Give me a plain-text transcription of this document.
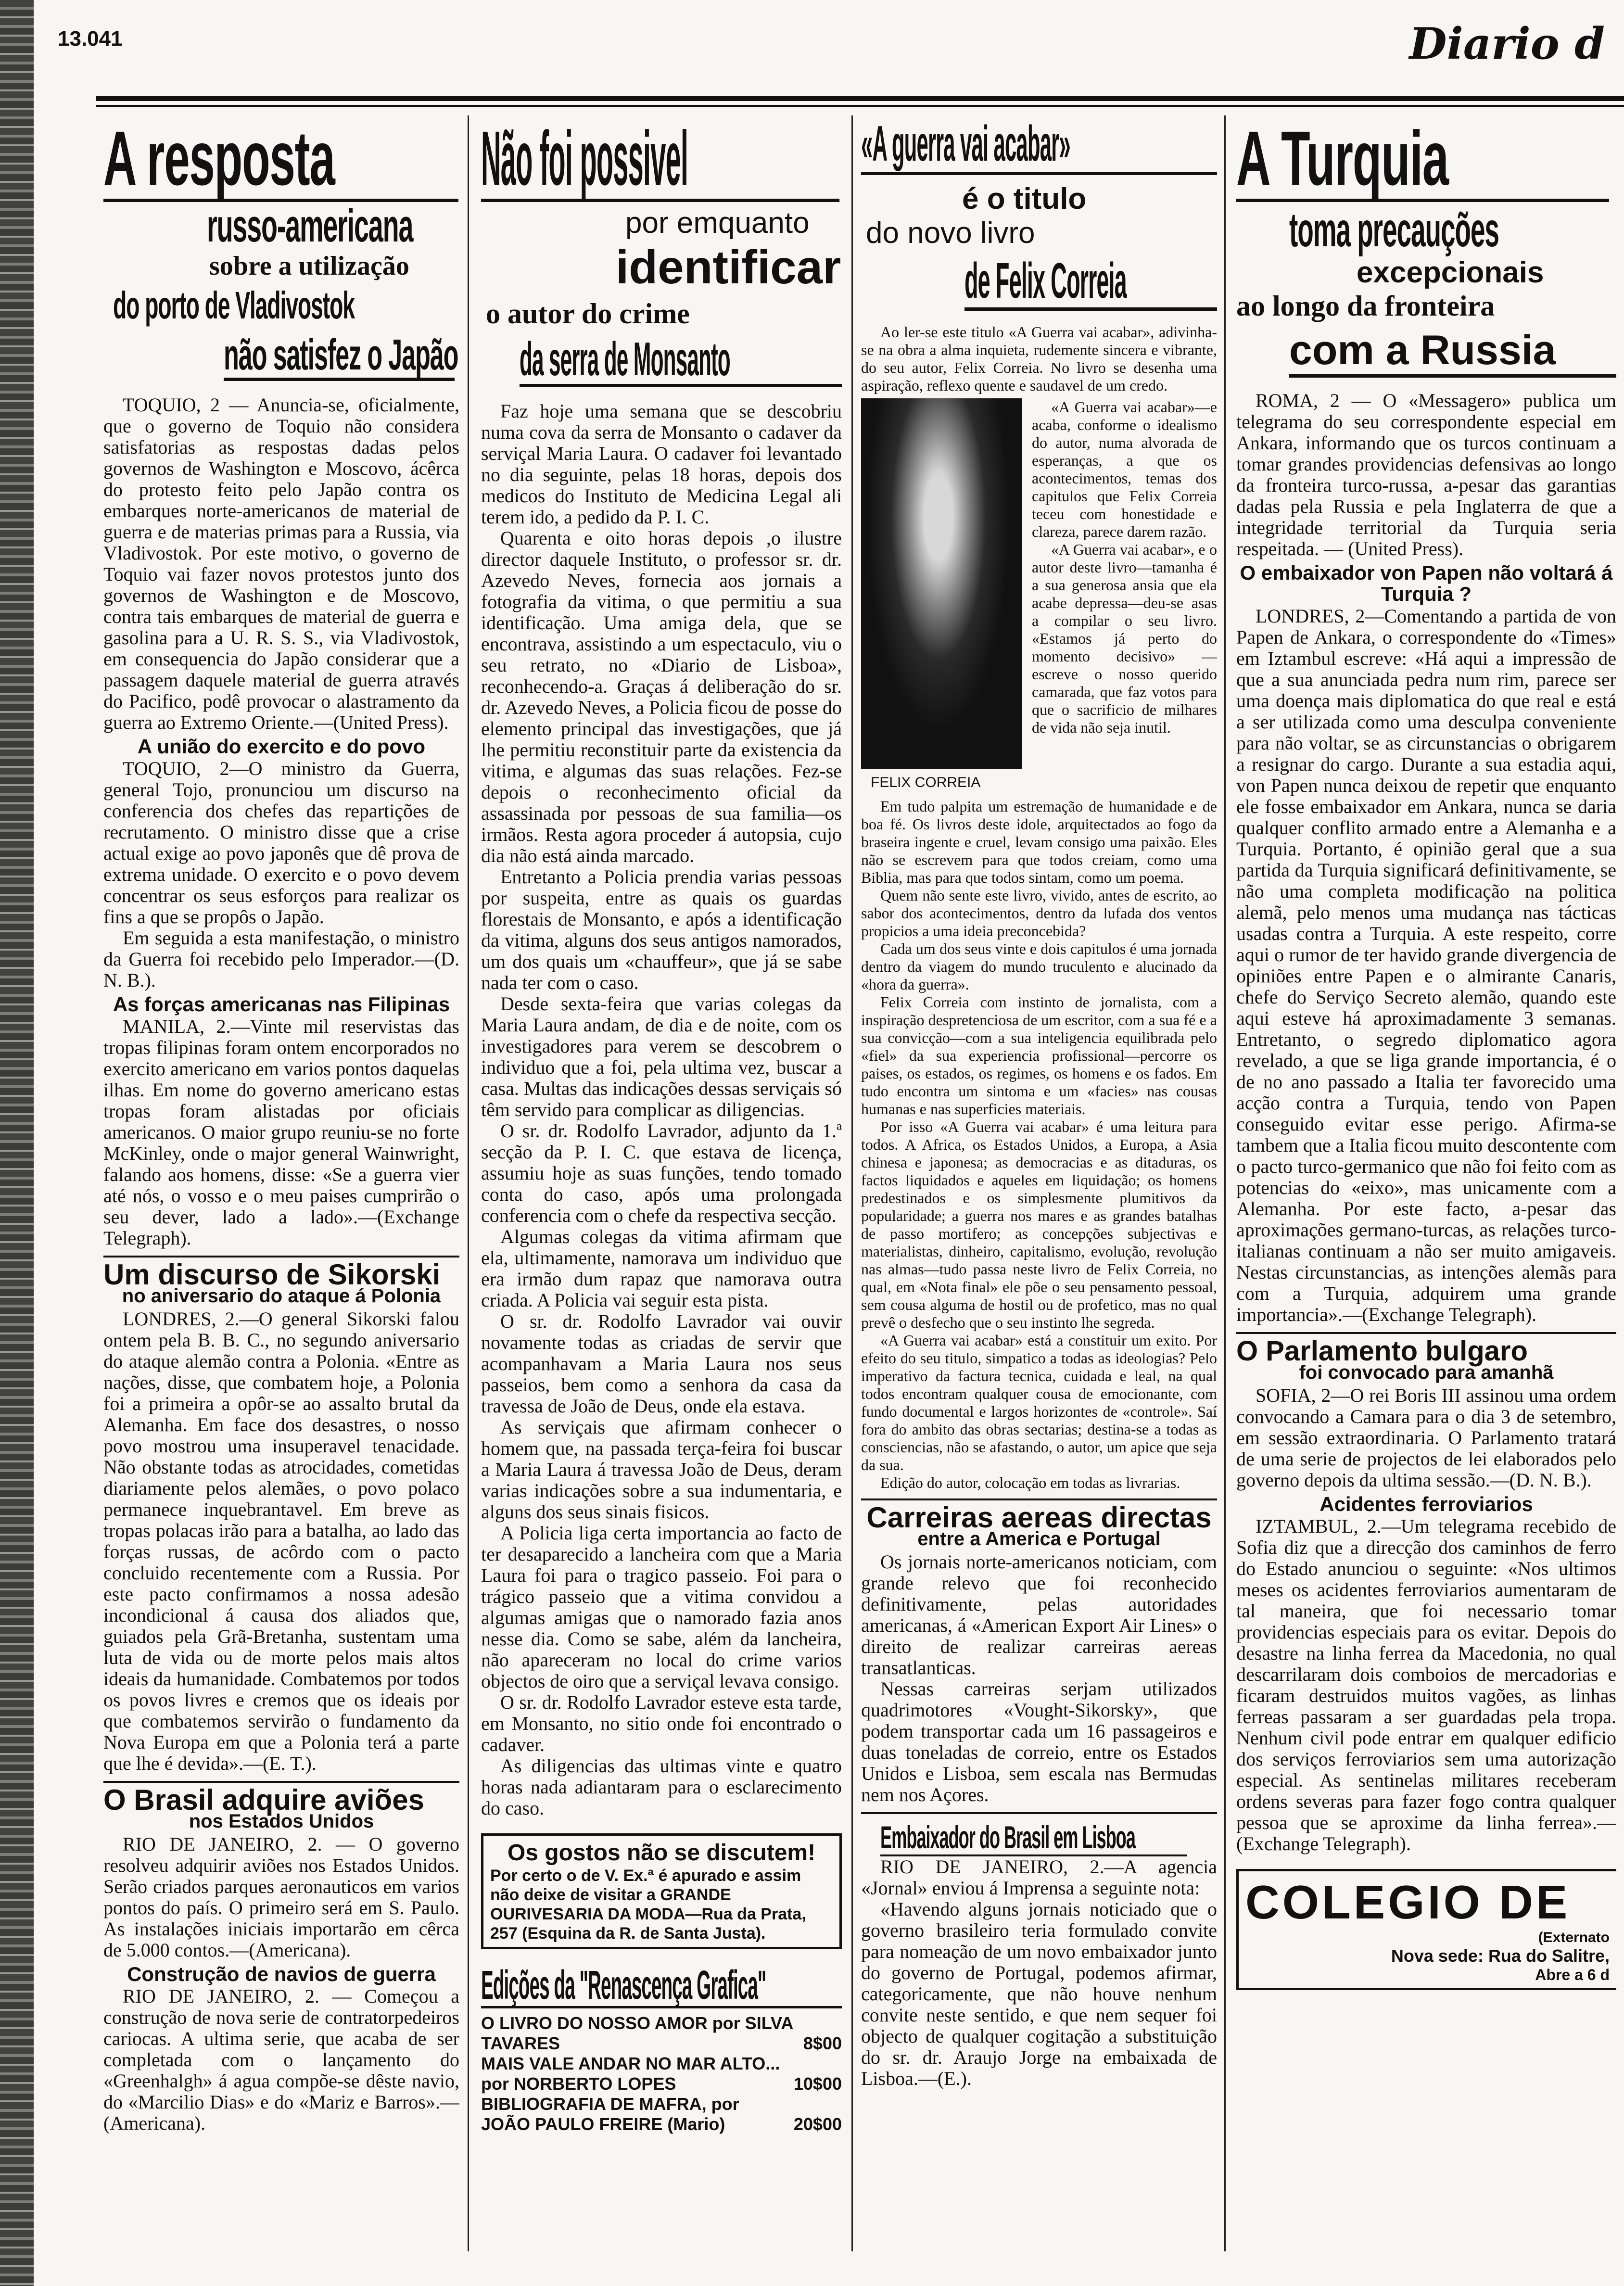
13.041	Diario d
A resposta
russo-americana
sobre a utilização
do porto de Vladivostok
não satisfez o Japão

TOQUIO, 2 — Anuncia-se, oficialmente, que o governo de Toquio não considera satisfatorias as respostas dadas pelos governos de Washington e Moscovo, ácêrca do protesto feito pelo Japão contra os embarques norte-americanos de material de guerra e de materias primas para a Russia, via Vladivostok. Por este motivo, o governo de Toquio vai fazer novos protestos junto dos governos de Washington e de Moscovo, contra tais embarques de material de guerra e gasolina para a U. R. S. S., via Vladivostok, em consequencia do Japão considerar que a passagem daquele material de guerra através do Pacifico, podê provocar o alastramento da guerra ao Extremo Oriente.—(United Press).

A união do exercito e do povo

TOQUIO, 2—O ministro da Guerra, general Tojo, pronunciou um discurso na conferencia dos chefes das repartições de recrutamento. O ministro disse que a crise actual exige ao povo japonês que dê prova de extrema unidade. O exercito e o povo devem concentrar os seus esforços para realizar os fins a que se propôs o Japão.

Em seguida a esta manifestação, o ministro da Guerra foi recebido pelo Imperador.—(D. N. B.).

As forças americanas nas Filipinas

MANILA, 2.—Vinte mil reservistas das tropas filipinas foram ontem encorporados no exercito americano em varios pontos daquelas ilhas. Em nome do governo americano estas tropas foram alistadas por oficiais americanos. O maior grupo reuniu-se no forte McKinley, onde o major general Wainwright, falando aos homens, disse: «Se a guerra vier até nós, o vosso e o meu paises cumprirão o seu dever, lado a lado».—(Exchange Telegraph).

Um discurso de Sikorski
no aniversario do ataque á Polonia

LONDRES, 2.—O general Sikorski falou ontem pela B. B. C., no segundo aniversario do ataque alemão contra a Polonia. «Entre as nações, disse, que combatem hoje, a Polonia foi a primeira a opôr-se ao assalto brutal da Alemanha. Em face dos desastres, o nosso povo mostrou uma insuperavel tenacidade. Não obstante todas as atrocidades, cometidas diariamente pelos alemães, o povo polaco permanece inquebrantavel. Em breve as tropas polacas irão para a batalha, ao lado das forças russas, de acôrdo com o pacto concluido recentemente com a Russia. Por este pacto confirmamos a nossa adesão incondicional á causa dos aliados que, guiados pela Grã-Bretanha, sustentam uma luta de vida ou de morte pelos mais altos ideais da humanidade. Combatemos por todos os povos livres e cremos que os ideais por que combatemos servirão o fundamento da Nova Europa em que a Polonia terá a parte que lhe é devida».—(E. T.).

O Brasil adquire aviões
nos Estados Unidos

RIO DE JANEIRO, 2. — O governo resolveu adquirir aviões nos Estados Unidos. Serão criados parques aeronauticos em varios pontos do país. O primeiro será em S. Paulo. As instalações iniciais importarão em cêrca de 5.000 contos.—(Americana).

Construção de navios de guerra

RIO DE JANEIRO, 2. — Começou a construção de nova serie de contratorpedeiros cariocas. A ultima serie, que acaba de ser completada com o lançamento do «Greenhalgh» á agua compõe-se dêste navio, do «Marcilio Dias» e do «Mariz e Barros».—(Americana).

Não foi possivel
por emquanto
identificar
o autor do crime
da serra de Monsanto

Faz hoje uma semana que se descobriu numa cova da serra de Monsanto o cadaver da serviçal Maria Laura. O cadaver foi levantado no dia seguinte, pelas 18 horas, depois dos medicos do Instituto de Medicina Legal ali terem ido, a pedido da P. I. C.

Quarenta e oito horas depois ,o ilustre director daquele Instituto, o professor sr. dr. Azevedo Neves, fornecia aos jornais a fotografia da vitima, o que permitiu a sua identificação. Uma amiga dela, que se encontrava, assistindo a um espectaculo, viu o seu retrato, no «Diario de Lisboa», reconhecendo-a. Graças á deliberação do sr. dr. Azevedo Neves, a Policia ficou de posse do elemento principal das investigações, que já lhe permitiu reconstituir parte da existencia da vitima, e algumas das suas relações. Fez-se depois o reconhecimento oficial da assassinada por pessoas de sua familia—os irmãos. Resta agora proceder á autopsia, cujo dia não está ainda marcado.

Entretanto a Policia prendia varias pessoas por suspeita, entre as quais os guardas florestais de Monsanto, e após a identificação da vitima, alguns dos seus antigos namorados, um dos quais um «chauffeur», que já se sabe nada ter com o caso.

Desde sexta-feira que varias colegas da Maria Laura andam, de dia e de noite, com os investigadores para verem se descobrem o individuo que a foi, pela ultima vez, buscar a casa. Multas das indicações dessas serviçais só têm servido para complicar as diligencias.

O sr. dr. Rodolfo Lavrador, adjunto da 1.ª secção da P. I. C. que estava de licença, assumiu hoje as suas funções, tendo tomado conta do caso, após uma prolongada conferencia com o chefe da respectiva secção.

Algumas colegas da vitima afirmam que ela, ultimamente, namorava um individuo que era irmão dum rapaz que namorava outra criada. A Policia vai seguir esta pista.

O sr. dr. Rodolfo Lavrador vai ouvir novamente todas as criadas de servir que acompanhavam a Maria Laura nos seus passeios, bem como a senhora da casa da travessa de João de Deus, onde ela estava.

As serviçais que afirmam conhecer o homem que, na passada terça-feira foi buscar a Maria Laura á travessa João de Deus, deram varias indicações sobre a sua indumentaria, e alguns dos seus sinais fisicos.

A Policia liga certa importancia ao facto de ter desaparecido a lancheira com que a Maria Laura foi para o tragico passeio. Foi para o trágico passeio que a vitima convidou a algumas amigas que o namorado fazia anos nesse dia. Como se sabe, além da lancheira, não apareceram no local do crime varios objectos de oiro que a serviçal levava consigo.

O sr. dr. Rodolfo Lavrador esteve esta tarde, em Monsanto, no sitio onde foi encontrado o cadaver.

As diligencias das ultimas vinte e quatro horas nada adiantaram para o esclarecimento do caso.

Os gostos não se discutem!
Por certo o de V. Ex.ª é apurado e assim não deixe de visitar a GRANDE OURIVESARIA DA MODA—Rua da Prata, 257 (Esquina da R. de Santa Justa).
Edições da "Renascença Grafica"
O LIVRO DO NOSSO AMOR por SILVA TAVARES	8$00
MAIS VALE ANDAR NO MAR ALTO... por NORBERTO LOPES	10$00
BIBLIOGRAFIA DE MAFRA, por JOÃO PAULO FREIRE (Mario)	20$00
«A guerra vai acabar»
é o titulo
do novo livro
de Felix Correia

Ao ler-se este titulo «A Guerra vai acabar», adivinha-se na obra a alma inquieta, rudemente sincera e vibrante, do seu autor, Felix Correia. No livro se desenha uma aspiração, reflexo quente e saudavel de um credo.

FELIX CORREIA

«A Guerra vai acabar»—e acaba, conforme o idealismo do autor, numa alvorada de esperanças, a que os acontecimentos, temas dos capitulos que Felix Correia teceu com honestidade e clareza, parece darem razão.

«A Guerra vai acabar», e o autor deste livro—tamanha é a sua generosa ansia que ela acabe depressa—deu-se asas a compilar o seu livro. «Estamos já perto do momento decisivo» — escreve o nosso querido camarada, que faz votos para que o sacrificio de milhares de vida não seja inutil.

Em tudo palpita um estremação de humanidade e de boa fé. Os livros deste idole, arquitectados ao fogo da braseira ingente e cruel, levam consigo uma paixão. Eles não se escrevem para que todos creiam, como uma Biblia, mas para que todos sintam, como um poema.

Quem não sente este livro, vivido, antes de escrito, ao sabor dos acontecimentos, dentro da lufada dos ventos propicios a uma ideia preconcebida?

Cada um dos seus vinte e dois capitulos é uma jornada dentro da viagem do mundo truculento e alucinado da «hora da guerra».

Felix Correia com instinto de jornalista, com a inspiração despretenciosa de um escritor, com a sua fé e a sua convicção—com a sua inteligencia equilibrada pelo «fiel» da sua experiencia profissional—percorre os paises, os estados, os regimes, os homens e os fados. Em tudo encontra um sintoma e um «facies» nas cousas humanas e nas superficies materiais.

Por isso «A Guerra vai acabar» é uma leitura para todos. A Africa, os Estados Unidos, a Europa, a Asia chinesa e japonesa; as democracias e as ditaduras, os factos liquidados e aqueles em liquidação; os homens predestinados e os simplesmente plumitivos da popularidade; a guerra nos mares e as grandes batalhas de passo mortifero; as concepções subjectivas e materialistas, dinheiro, capitalismo, evolução, revolução nas almas—tudo passa neste livro de Felix Correia, no qual, em «Nota final» ele põe o seu pensamento pessoal, sem cousa alguma de hostil ou de profetico, mas no qual prevê o desfecho que o seu instinto lhe segreda.

«A Guerra vai acabar» está a constituir um exito. Por efeito do seu titulo, simpatico a todas as ideologias? Pelo imperativo da factura tecnica, cuidada e leal, na qual todos encontram qualquer cousa de emocionante, com fundo documental e largos horizontes de «controle». Saí fora do ambito das obras sectarias; destina-se a todas as consciencias, não se afastando, o autor, um apice que seja da sua.

Edição do autor, colocação em todas as livrarias.

Carreiras aereas directas
entre a America e Portugal

Os jornais norte-americanos noticiam, com grande relevo que foi reconhecido definitivamente, pelas autoridades americanas, á «American Export Air Lines» o direito de realizar carreiras aereas transatlanticas.

Nessas carreiras serjam utilizados quadrimotores «Vought-Sikorsky», que podem transportar cada um 16 passageiros e duas toneladas de correio, entre os Estados Unidos e Lisboa, sem escala nas Bermudas nem nos Açores.

Embaixador do Brasil em Lisboa

RIO DE JANEIRO, 2.—A agencia «Jornal» enviou á Imprensa a seguinte nota:

«Havendo alguns jornais noticiado que o governo brasileiro teria formulado convite para nomeação de um novo embaixador junto do governo de Portugal, podemos afirmar, categoricamente, que não houve nenhum convite neste sentido, e que nem sequer foi objecto de qualquer cogitação a substituição do sr. dr. Araujo Jorge na embaixada de Lisboa.—(E.).

A Turquia
toma precauções
excepcionais
ao longo da fronteira
com a Russia

ROMA, 2 — O «Messagero» publica um telegrama do seu correspondente especial em Ankara, informando que os turcos continuam a tomar grandes providencias defensivas ao longo da fronteira turco-russa, a-pesar das garantias dadas pela Russia e pela Inglaterra de que a integridade territorial da Turquia seria respeitada. — (United Press).

O embaixador von Papen não voltará á Turquia ?

LONDRES, 2—Comentando a partida de von Papen de Ankara, o correspondente do «Times» em Iztambul escreve: «Há aqui a impressão de que a sua anunciada pedra num rim, parece ser uma doença mais diplomatica do que real e está a ser utilizada como uma desculpa conveniente para não voltar, se as circunstancias o obrigarem a resignar do cargo. Durante a sua estadia aqui, von Papen nunca deixou de repetir que enquanto ele fosse embaixador em Ankara, nunca se daria qualquer conflito armado entre a Alemanha e a Turquia. Portanto, é opinião geral que a sua partida da Turquia significará definitivamente, se não uma completa modificação na politica alemã, pelo menos uma mudança nas tácticas usadas contra a Turquia. A este respeito, corre aqui o rumor de ter havido grande divergencia de opiniões entre Papen e o almirante Canaris, chefe do Serviço Secreto alemão, quando este aqui esteve há aproximadamente 3 semanas. Entretanto, o segredo diplomatico agora revelado, a que se liga grande importancia, é o de no ano passado a Italia ter favorecido uma acção contra a Turquia, tendo von Papen conseguido evitar esse perigo. Afirma-se tambem que a Italia ficou muito descontente com o pacto turco-germanico que não foi feito com as potencias do «eixo», mas unicamente com a Alemanha. Por este facto, a-pesar das aproximações germano-turcas, as relações turco-italianas continuam a não ser muito amigaveis. Nestas circunstancias, as intenções alemãs para com a Turquia, adquirem uma grande importancia».—(Exchange Telegraph).

O Parlamento bulgaro
foi convocado para amanhã

SOFIA, 2—O rei Boris III assinou uma ordem convocando a Camara para o dia 3 de setembro, em sessão extraordinaria. O Parlamento tratará de uma serie de projectos de lei elaborados pelo governo depois da ultima sessão.—(D. N. B.).

Acidentes ferroviarios

IZTAMBUL, 2.—Um telegrama recebido de Sofia diz que a direcção dos caminhos de ferro do Estado anunciou o seguinte: «Nos ultimos meses os acidentes ferroviarios aumentaram de tal maneira, que foi necessario tomar providencias especiais para os evitar. Depois do desastre na linha ferrea da Macedonia, no qual descarrilaram dois comboios de mercadorias e ficaram destruidos muitos vagões, as linhas ferreas passaram a ser guardadas pela tropa. Nenhum civil pode entrar em qualquer edificio dos serviços ferroviarios sem uma autorização especial. As sentinelas militares receberam ordens severas para fazer fogo contra qualquer pessoa que se aproxime da linha ferrea».—(Exchange Telegraph).

COLEGIO DE
(Externato
Nova sede: Rua do Salitre,
Abre a 6 d
